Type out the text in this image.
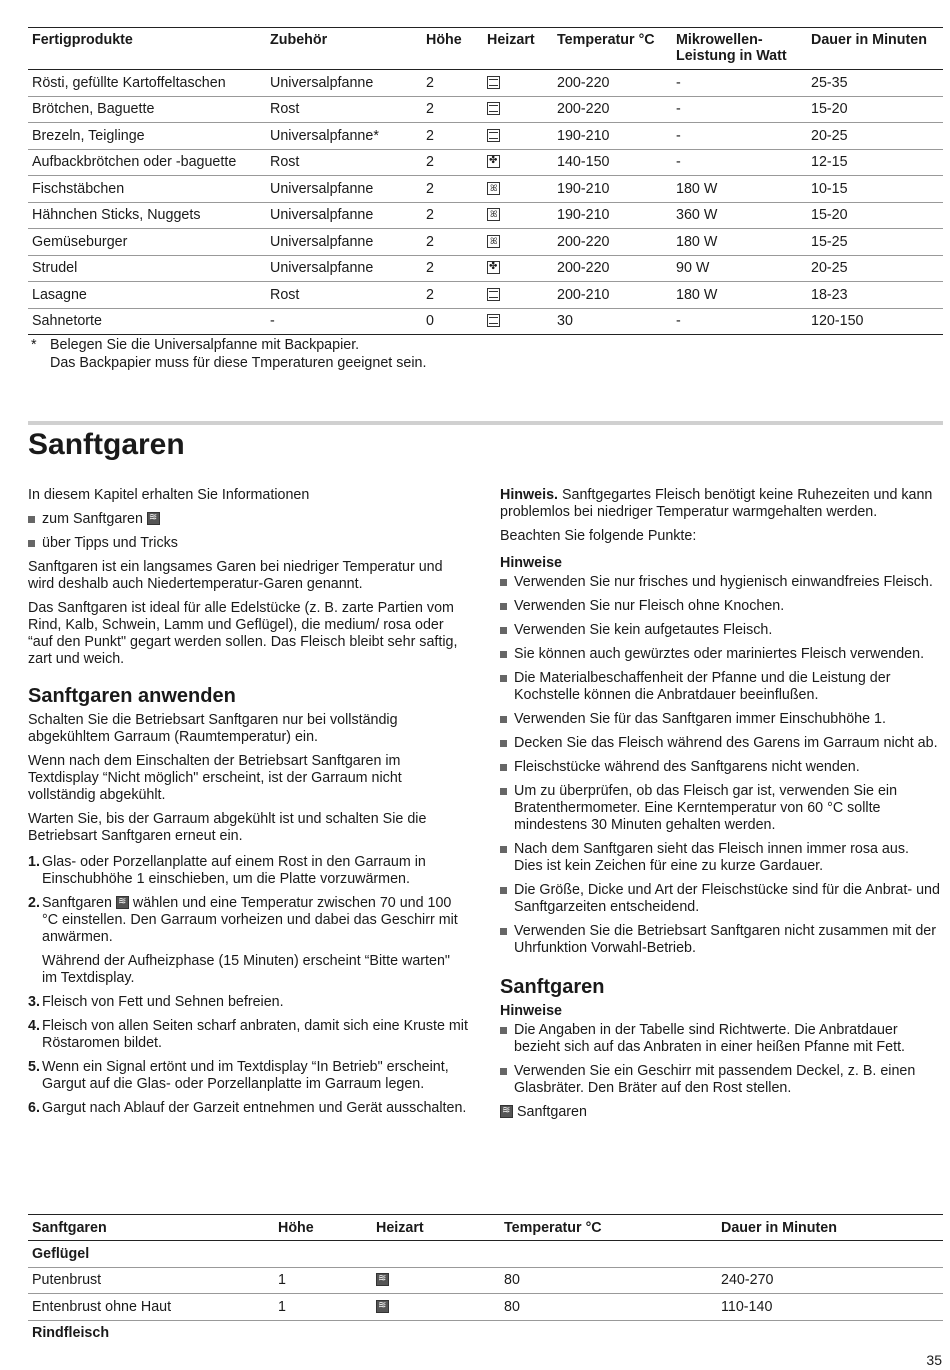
Fertigprodukte	Zubehör	Höhe	Heizart	Temperatur °C	Mikrowellen-
Leistung in Watt	Dauer in Minuten
Rösti, gefüllte Kartoffeltaschen	Universalpfanne	2		200-220	-	25-35
Brötchen, Baguette	Rost	2		200-220	-	15-20
Brezeln, Teiglinge	Universalpfanne*	2		190-210	-	20-25
Aufbackbrötchen oder -baguette	Rost	2	✤	140-150	-	12-15
Fischstäbchen	Universalpfanne	2	ꕤ	190-210	180 W	10-15
Hähnchen Sticks, Nuggets	Universalpfanne	2	ꕤ	190-210	360 W	15-20
Gemüseburger	Universalpfanne	2	ꕤ	200-220	180 W	15-25
Strudel	Universalpfanne	2	✤	200-220	90 W	20-25
Lasagne	Rost	2		200-210	180 W	18-23
Sahnetorte	-	0		30	-	120-150
* Belegen Sie die Universalpfanne mit Backpapier.
Das Backpapier muss für diese Tmperaturen geeignet sein.
Sanftgaren

In diesem Kapitel erhalten Sie Informationen

zum Sanftgaren ≋
über Tipps und Tricks

Sanftgaren ist ein langsames Garen bei niedriger Temperatur und wird deshalb auch Niedertemperatur-Garen genannt.

Das Sanftgaren ist ideal für alle Edelstücke (z. B. zarte Partien vom Rind, Kalb, Schwein, Lamm und Geflügel), die medium/ rosa oder “auf den Punkt" gegart werden sollen. Das Fleisch bleibt sehr saftig, zart und weich.

Sanftgaren anwenden

Schalten Sie die Betriebsart Sanftgaren nur bei vollständig abgekühltem Garraum (Raumtemperatur) ein.

Wenn nach dem Einschalten der Betriebsart Sanftgaren im Textdisplay “Nicht möglich" erscheint, ist der Garraum nicht vollständig abgekühlt.

Warten Sie, bis der Garraum abgekühlt ist und schalten Sie die Betriebsart Sanftgaren erneut ein.

1. Glas- oder Porzellanplatte auf einem Rost in den Garraum in Einschubhöhe 1 einschieben, um die Platte vorzuwärmen.

2. Sanftgaren ≋ wählen und eine Temperatur zwischen 70 und 100 °C einstellen. Den Garraum vorheizen und dabei das Geschirr mit anwärmen.

Während der Aufheizphase (15 Minuten) erscheint “Bitte warten" im Textdisplay.

3. Fleisch von Fett und Sehnen befreien.

4. Fleisch von allen Seiten scharf anbraten, damit sich eine Kruste mit Röstaromen bildet.

5. Wenn ein Signal ertönt und im Textdisplay “In Betrieb" erscheint, Gargut auf die Glas- oder Porzellanplatte im Garraum legen.

6. Gargut nach Ablauf der Garzeit entnehmen und Gerät ausschalten.

Hinweis. Sanftgegartes Fleisch benötigt keine Ruhezeiten und kann problemlos bei niedriger Temperatur warmgehalten werden.

Beachten Sie folgende Punkte:

Hinweise
Verwenden Sie nur frisches und hygienisch einwandfreies Fleisch.
Verwenden Sie nur Fleisch ohne Knochen.
Verwenden Sie kein aufgetautes Fleisch.
Sie können auch gewürztes oder mariniertes Fleisch verwenden.
Die Materialbeschaffenheit der Pfanne und die Leistung der Kochstelle können die Anbratdauer beeinflußen.
Verwenden Sie für das Sanftgaren immer Einschubhöhe 1.
Decken Sie das Fleisch während des Garens im Garraum nicht ab.
Fleischstücke während des Sanftgarens nicht wenden.
Um zu überprüfen, ob das Fleisch gar ist, verwenden Sie ein Bratenthermometer. Eine Kerntemperatur von 60 °C sollte mindestens 30 Minuten gehalten werden.
Nach dem Sanftgaren sieht das Fleisch innen immer rosa aus. Dies ist kein Zeichen für eine zu kurze Gardauer.
Die Größe, Dicke und Art der Fleischstücke sind für die Anbrat- und Sanftgarzeiten entscheidend.
Verwenden Sie die Betriebsart Sanftgaren nicht zusammen mit der Uhrfunktion Vorwahl-Betrieb.
Sanftgaren
Hinweise
Die Angaben in der Tabelle sind Richtwerte. Die Anbratdauer bezieht sich auf das Anbraten in einer heißen Pfanne mit Fett.
Verwenden Sie ein Geschirr mit passendem Deckel, z. B. einen Glasbräter. Den Bräter auf den Rost stellen.
≋ Sanftgaren
Sanftgaren	Höhe	Heizart	Temperatur °C	Dauer in Minuten
Geflügel				
Putenbrust	1	≋	80	240-270
Entenbrust ohne Haut	1	≋	80	110-140
Rindfleisch				
35
